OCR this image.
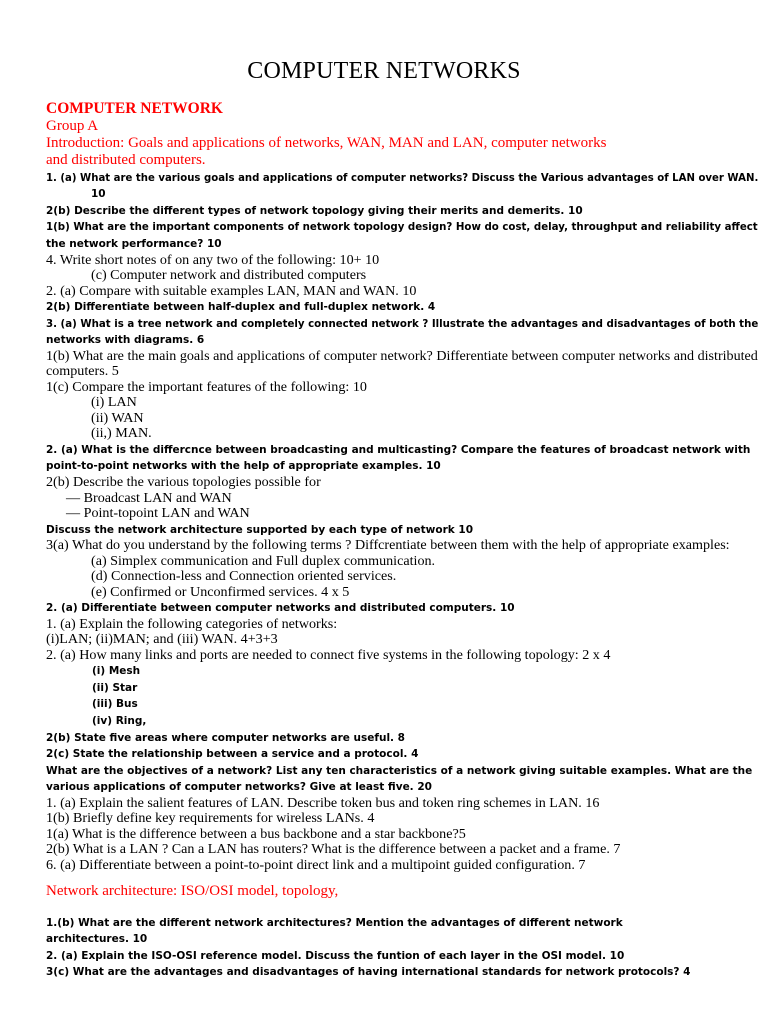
COMPUTER NETWORKS

COMPUTER NETWORK

Group A

Introduction: Goals and applications of networks, WAN, MAN and LAN, computer networks

and distributed computers.

1. (a) What are the various goals and applications of computer networks? Discuss the Various advantages of LAN over WAN.

10

2(b) Describe the different types of network topology giving their merits and demerits. 10

1(b) What are the important components of network topology design? How do cost, delay, throughput and reliability affect

the network performance? 10

4. Write short notes of on any two of the following: 10+ 10

(c) Computer network and distributed computers

2. (a) Compare with suitable examples LAN, MAN and WAN. 10

2(b) Differentiate between half-duplex and full-duplex network. 4

3. (a) What is a tree network and completely connected network ? Illustrate the advantages and disadvantages of both the

networks with diagrams. 6

1(b) What are the main goals and applications of computer network? Differentiate between computer networks and distributed

computers. 5

1(c) Compare the important features of the following: 10

(i) LAN

(ii) WAN

(ii,) MAN.

2. (a) What is the differcnce between broadcasting and multicasting? Compare the features of broadcast network with

point-to-point networks with the help of appropriate examples. 10

2(b) Describe the various topologies possible for

— Broadcast LAN and WAN

— Point-topoint LAN and WAN

Discuss the network architecture supported by each type of network 10

3(a) What do you understand by the following terms ? Diffcrentiate between them with the help of appropriate examples:

(a) Simplex communication and Full duplex communication.

(d) Connection-less and Connection oriented services.

(e) Confirmed or Unconfirmed services. 4 x 5

2. (a) Differentiate between computer networks and distributed computers. 10

1. (a) Explain the following categories of networks:

(i)LAN; (ii)MAN; and (iii) WAN. 4+3+3

2. (a) How many links and ports are needed to connect five systems in the following topology: 2 x 4

(i) Mesh

(ii) Star

(iii) Bus

(iv) Ring,

2(b) State five areas where computer networks are useful. 8

2(c) State the relationship between a service and a protocol. 4

What are the objectives of a network? List any ten characteristics of a network giving suitable examples. What are the

various applications of computer networks? Give at least five. 20

1. (a) Explain the salient features of LAN. Describe token bus and token ring schemes in LAN. 16

1(b) Briefly define key requirements for wireless LANs. 4

1(a) What is the difference between a bus backbone and a star backbone?5

2(b) What is a LAN ? Can a LAN has routers? What is the difference between a packet and a frame. 7

6. (a) Differentiate between a point-to-point direct link and a multipoint guided configuration. 7

Network architecture: ISO/OSI model, topology,

1.(b) What are the different network architectures? Mention the advantages of different network

architectures. 10

2. (a) Explain the ISO-OSI reference model. Discuss the funtion of each layer in the OSI model. 10

3(c) What are the advantages and disadvantages of having international standards for network protocols? 4
